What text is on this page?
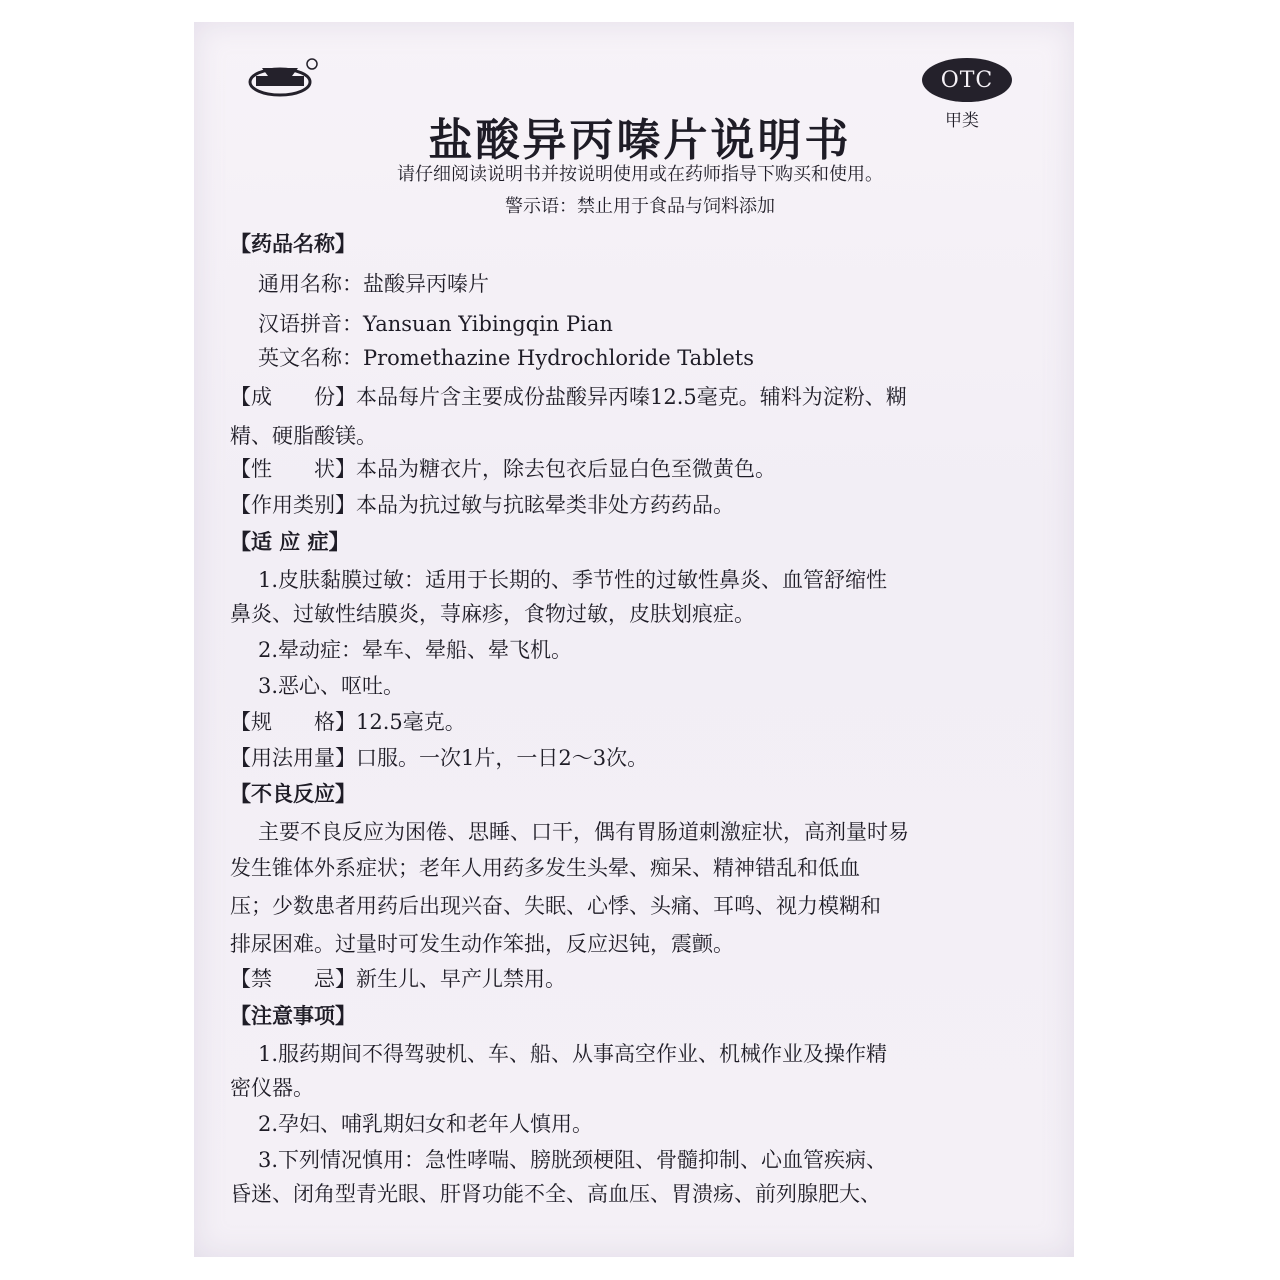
OTC
甲类
盐酸异丙嗪片说明书
请仔细阅读说明书并按说明使用或在药师指导下购买和使用。
警示语：禁止用于食品与饲料添加
【药品名称】
通用名称：盐酸异丙嗪片
汉语拼音：Yansuan Yibingqin Pian
英文名称：Promethazine Hydrochloride Tablets
【成　　份】本品每片含主要成份盐酸异丙嗪12.5毫克。辅料为淀粉、糊
精、硬脂酸镁。
【性　　状】本品为糖衣片，除去包衣后显白色至微黄色。
【作用类别】本品为抗过敏与抗眩晕类非处方药药品。
【适 应 症】
1.皮肤黏膜过敏：适用于长期的、季节性的过敏性鼻炎、血管舒缩性
鼻炎、过敏性结膜炎，荨麻疹，食物过敏，皮肤划痕症。
2.晕动症：晕车、晕船、晕飞机。
3.恶心、呕吐。
【规　　格】12.5毫克。
【用法用量】口服。一次1片，一日2～3次。
【不良反应】
主要不良反应为困倦、思睡、口干，偶有胃肠道刺激症状，高剂量时易
发生锥体外系症状；老年人用药多发生头晕、痴呆、精神错乱和低血
压；少数患者用药后出现兴奋、失眠、心悸、头痛、耳鸣、视力模糊和
排尿困难。过量时可发生动作笨拙，反应迟钝，震颤。
【禁　　忌】新生儿、早产儿禁用。
【注意事项】
1.服药期间不得驾驶机、车、船、从事高空作业、机械作业及操作精
密仪器。
2.孕妇、哺乳期妇女和老年人慎用。
3.下列情况慎用：急性哮喘、膀胱颈梗阻、骨髓抑制、心血管疾病、
昏迷、闭角型青光眼、肝肾功能不全、高血压、胃溃疡、前列腺肥大、
